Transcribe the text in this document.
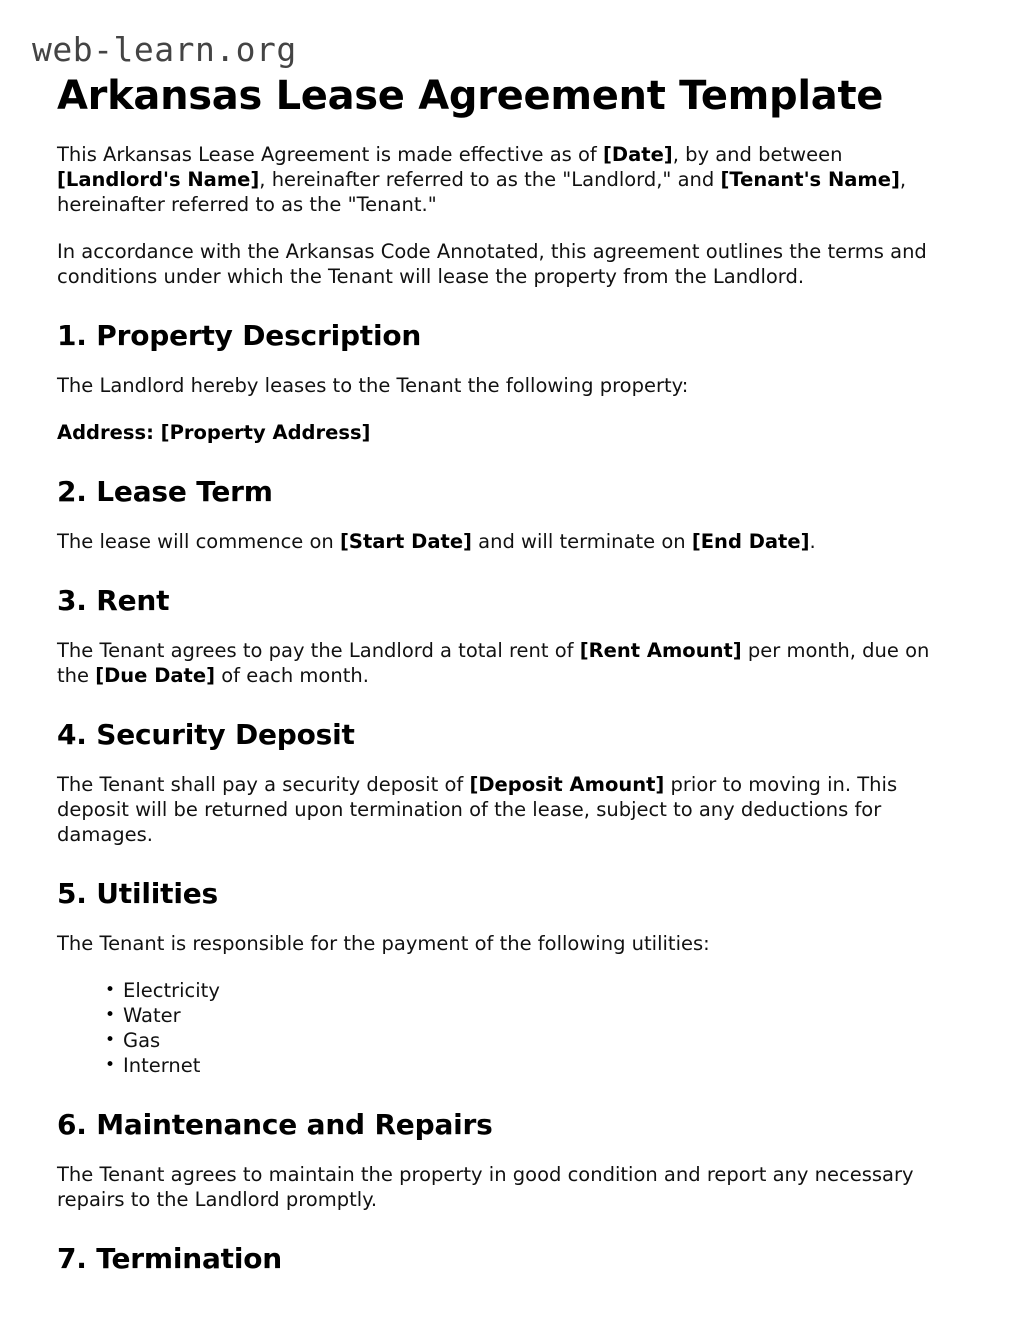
web-learn.org
Arkansas Lease Agreement Template

This Arkansas Lease Agreement is made effective as of [Date], by and between [Landlord's Name], hereinafter referred to as the "Landlord," and [Tenant's Name], hereinafter referred to as the "Tenant."

In accordance with the Arkansas Code Annotated, this agreement outlines the terms and conditions under which the Tenant will lease the property from the Landlord.

1. Property Description

The Landlord hereby leases to the Tenant the following property:

Address: [Property Address]

2. Lease Term

The lease will commence on [Start Date] and will terminate on [End Date].

3. Rent

The Tenant agrees to pay the Landlord a total rent of [Rent Amount] per month, due on the [Due Date] of each month.

4. Security Deposit

The Tenant shall pay a security deposit of [Deposit Amount] prior to moving in. This deposit will be returned upon termination of the lease, subject to any deductions for damages.

5. Utilities

The Tenant is responsible for the payment of the following utilities:

• Electricity
• Water
• Gas
• Internet
6. Maintenance and Repairs

The Tenant agrees to maintain the property in good condition and report any necessary repairs to the Landlord promptly.

7. Termination
